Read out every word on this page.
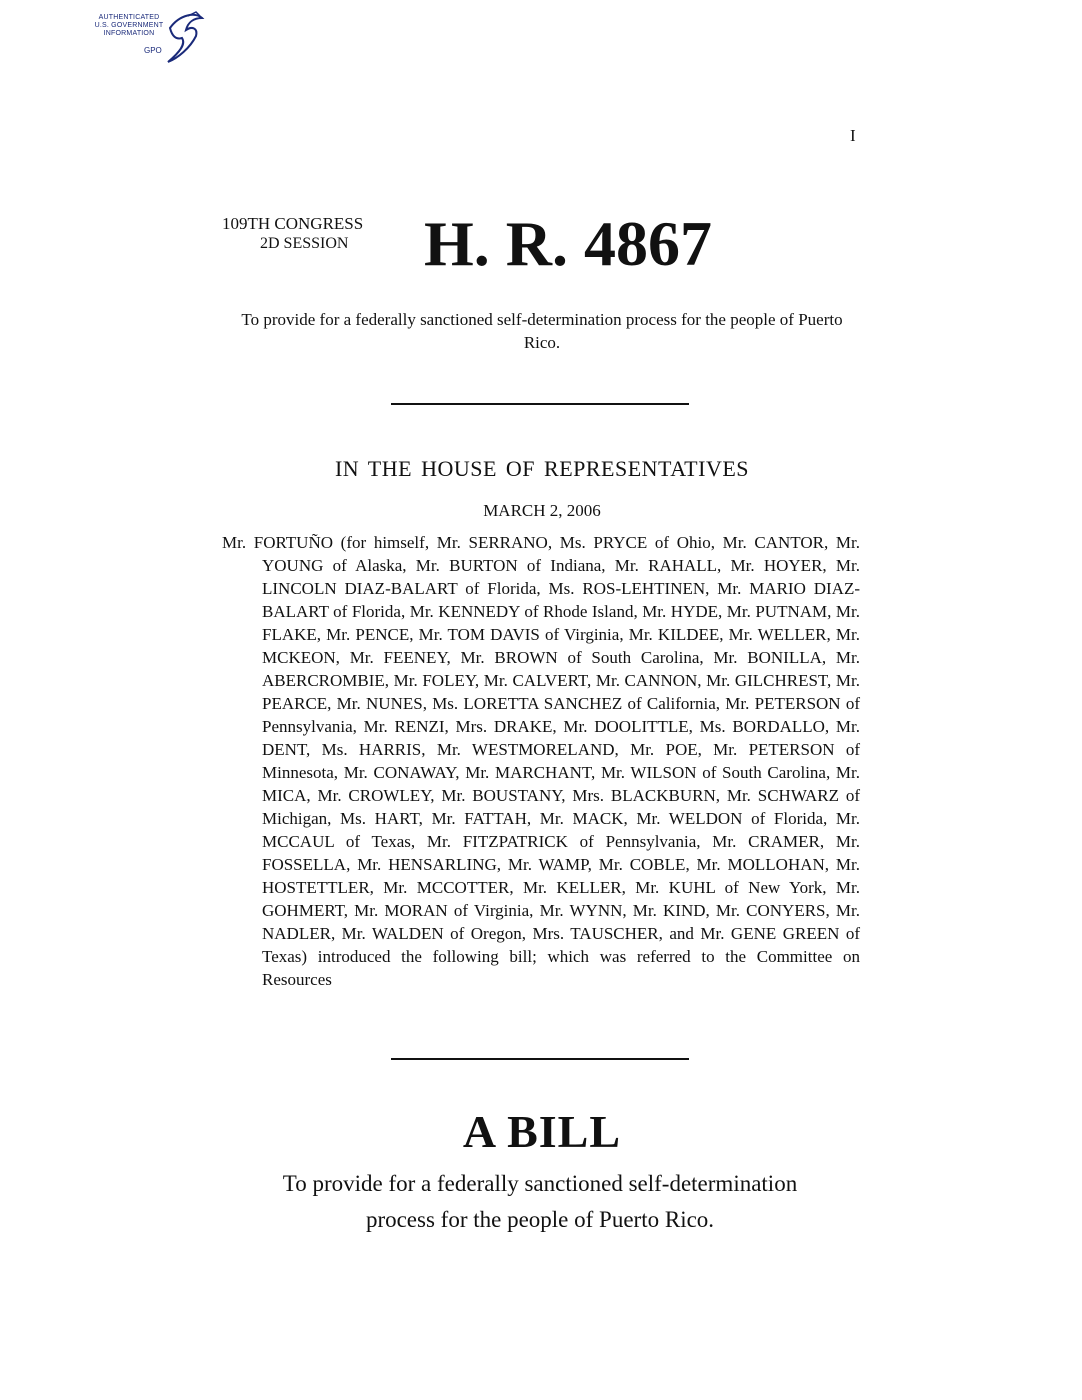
AUTHENTICATED
U.S. GOVERNMENT
INFORMATION
GPO
I
109TH CONGRESS
2D SESSION	H. R. 4867
To provide for a federally sanctioned self-determination process for the people of Puerto Rico.
IN THE HOUSE OF REPRESENTATIVES
MARCH 2, 2006
Mr. FORTUÑO (for himself, Mr. SERRANO, Ms. PRYCE of Ohio, Mr. CANTOR, Mr. YOUNG of Alaska, Mr. BURTON of Indiana, Mr. RAHALL, Mr. HOYER, Mr. LINCOLN DIAZ-BALART of Florida, Ms. ROS-LEHTINEN, Mr. MARIO DIAZ-BALART of Florida, Mr. KENNEDY of Rhode Island, Mr. HYDE, Mr. PUTNAM, Mr. FLAKE, Mr. PENCE, Mr. TOM DAVIS of Virginia, Mr. KILDEE, Mr. WELLER, Mr. MCKEON, Mr. FEENEY, Mr. BROWN of South Carolina, Mr. BONILLA, Mr. ABERCROMBIE, Mr. FOLEY, Mr. CALVERT, Mr. CANNON, Mr. GILCHREST, Mr. PEARCE, Mr. NUNES, Ms. LORETTA SANCHEZ of California, Mr. PETERSON of Pennsylvania, Mr. RENZI, Mrs. DRAKE, Mr. DOOLITTLE, Ms. BORDALLO, Mr. DENT, Ms. HARRIS, Mr. WESTMORELAND, Mr. POE, Mr. PETERSON of Minnesota, Mr. CONAWAY, Mr. MARCHANT, Mr. WILSON of South Carolina, Mr. MICA, Mr. CROWLEY, Mr. BOUSTANY, Mrs. BLACKBURN, Mr. SCHWARZ of Michigan, Ms. HART, Mr. FATTAH, Mr. MACK, Mr. WELDON of Florida, Mr. MCCAUL of Texas, Mr. FITZPATRICK of Pennsylvania, Mr. CRAMER, Mr. FOSSELLA, Mr. HENSARLING, Mr. WAMP, Mr. COBLE, Mr. MOLLOHAN, Mr. HOSTETTLER, Mr. MCCOTTER, Mr. KELLER, Mr. KUHL of New York, Mr. GOHMERT, Mr. MORAN of Virginia, Mr. WYNN, Mr. KIND, Mr. CONYERS, Mr. NADLER, Mr. WALDEN of Oregon, Mrs. TAUSCHER, and Mr. GENE GREEN of Texas) introduced the following bill; which was referred to the Committee on Resources
A BILL
To provide for a federally sanctioned self-determination
process for the people of Puerto Rico.
